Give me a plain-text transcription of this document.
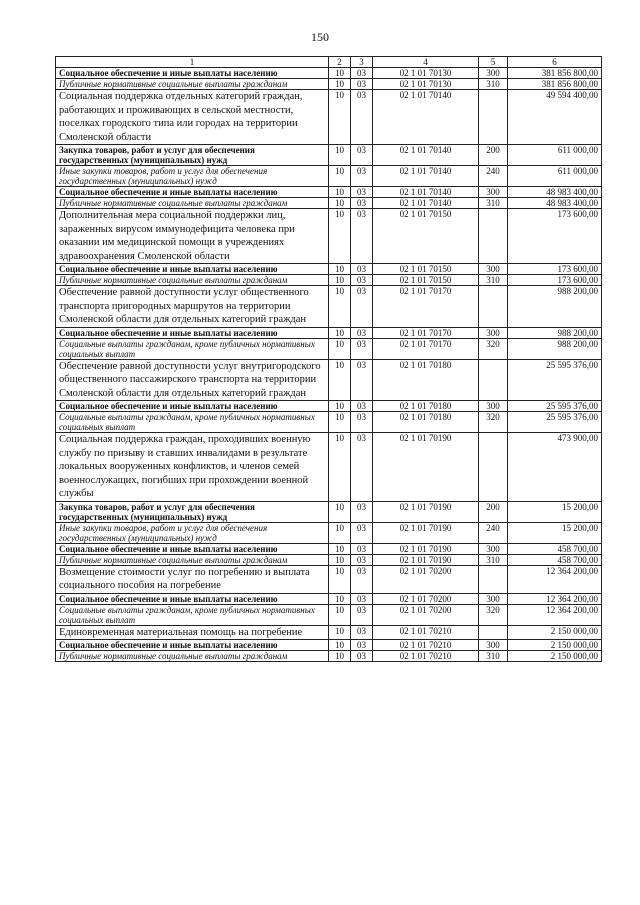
150
1	2	3	4	5	6
Социальное обеспечение и иные выплаты населению	10	03	02 1 01 70130	300	381 856 800,00
Публичные нормативные социальные выплаты гражданам	10	03	02 1 01 70130	310	381 856 800,00
Социальная поддержка отдельных категорий граждан, работающих и проживающих в сельской местности, поселках городского типа или городах на территории Смоленской области	10	03	02 1 01 70140		49 594 400,00
Закупка товаров, работ и услуг для обеспечения государственных (муниципальных) нужд	10	03	02 1 01 70140	200	611 000,00
Иные закупки товаров, работ и услуг для обеспечения государственных (муниципальных) нужд	10	03	02 1 01 70140	240	611 000,00
Социальное обеспечение и иные выплаты населению	10	03	02 1 01 70140	300	48 983 400,00
Публичные нормативные социальные выплаты гражданам	10	03	02 1 01 70140	310	48 983 400,00
Дополнительная мера социальной поддержки лиц, зараженных вирусом иммунодефицита человека при оказании им медицинской помощи в учреждениях здравоохранения Смоленской области	10	03	02 1 01 70150		173 600,00
Социальное обеспечение и иные выплаты населению	10	03	02 1 01 70150	300	173 600,00
Публичные нормативные социальные выплаты гражданам	10	03	02 1 01 70150	310	173 600,00
Обеспечение равной доступности услуг общественного транспорта пригородных маршрутов на территории Смоленской области для отдельных категорий граждан	10	03	02 1 01 70170		988 200,00
Социальное обеспечение и иные выплаты населению	10	03	02 1 01 70170	300	988 200,00
Социальные выплаты гражданам, кроме публичных нормативных социальных выплат	10	03	02 1 01 70170	320	988 200,00
Обеспечение равной доступности услуг внутригородского общественного пассажирского транспорта на территории Смоленской области для отдельных категорий граждан	10	03	02 1 01 70180		25 595 376,00
Социальное обеспечение и иные выплаты населению	10	03	02 1 01 70180	300	25 595 376,00
Социальные выплаты гражданам, кроме публичных нормативных социальных выплат	10	03	02 1 01 70180	320	25 595 376,00
Социальная поддержка граждан, проходивших военную службу по призыву и ставших инвалидами в результате локальных вооруженных конфликтов, и членов семей военнослужащих, погибших при прохождении военной службы	10	03	02 1 01 70190		473 900,00
Закупка товаров, работ и услуг для обеспечения государственных (муниципальных) нужд	10	03	02 1 01 70190	200	15 200,00
Иные закупки товаров, работ и услуг для обеспечения государственных (муниципальных) нужд	10	03	02 1 01 70190	240	15 200,00
Социальное обеспечение и иные выплаты населению	10	03	02 1 01 70190	300	458 700,00
Публичные нормативные социальные выплаты гражданам	10	03	02 1 01 70190	310	458 700,00
Возмещение стоимости услуг по погребению и выплата социального пособия на погребение	10	03	02 1 01 70200		12 364 200,00
Социальное обеспечение и иные выплаты населению	10	03	02 1 01 70200	300	12 364 200,00
Социальные выплаты гражданам, кроме публичных нормативных социальных выплат	10	03	02 1 01 70200	320	12 364 200,00
Единовременная материальная помощь на погребение	10	03	02 1 01 70210		2 150 000,00
Социальное обеспечение и иные выплаты населению	10	03	02 1 01 70210	300	2 150 000,00
Публичные нормативные социальные выплаты гражданам	10	03	02 1 01 70210	310	2 150 000,00
